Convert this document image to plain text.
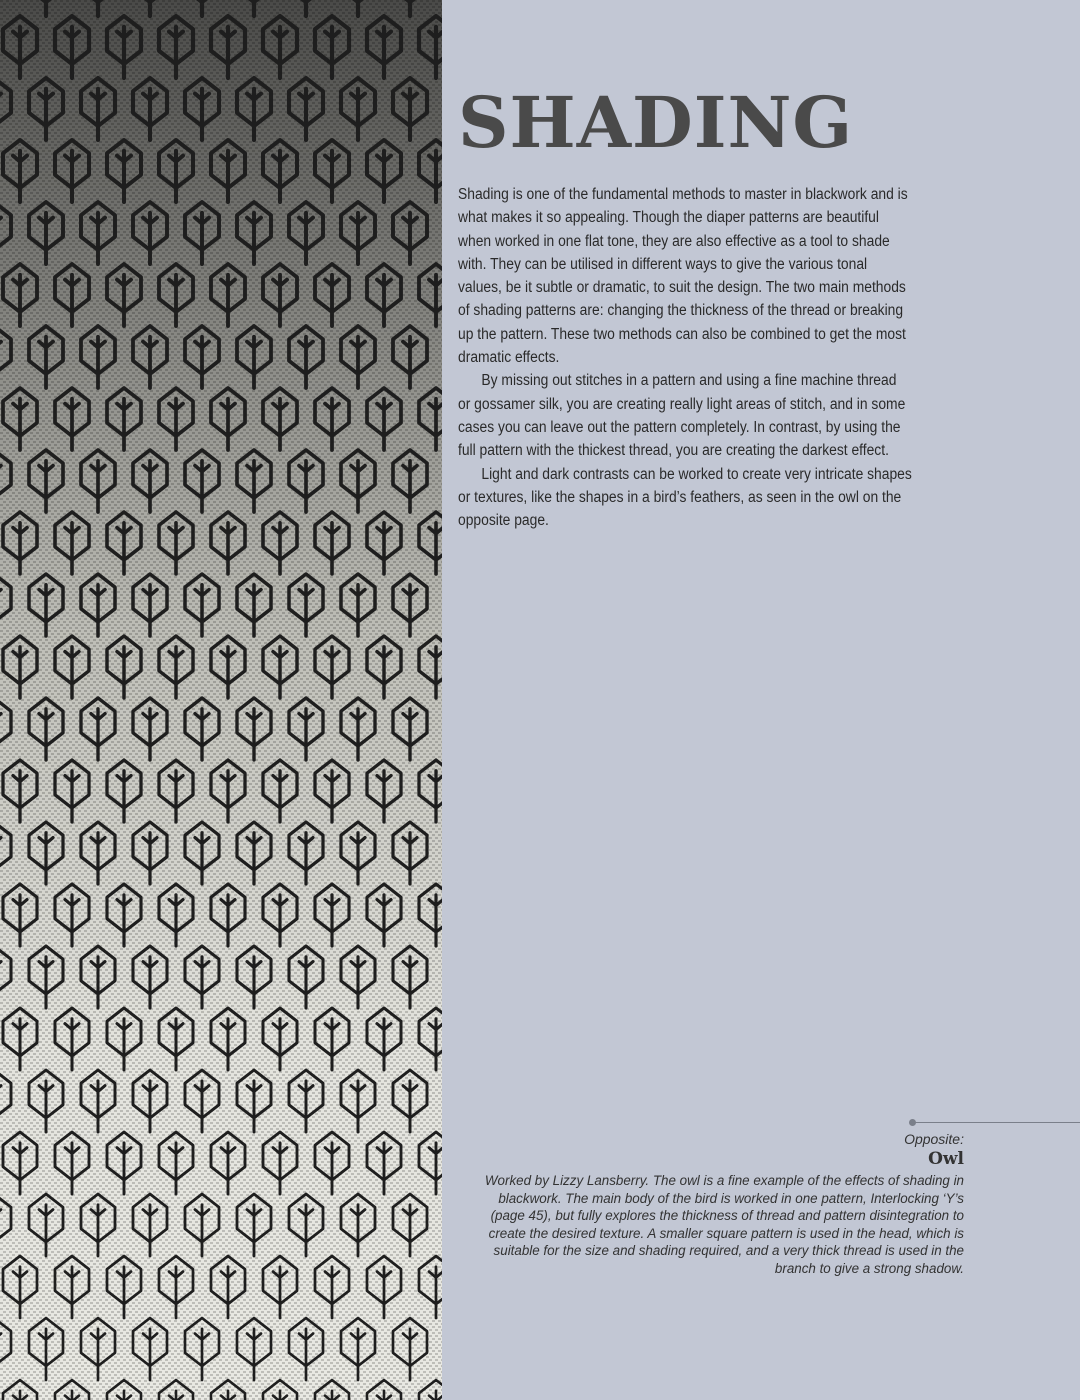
SHADING

Shading is one of the fundamental methods to master in blackwork and is what makes it so appealing. Though the diaper patterns are beautiful when worked in one flat tone, they are also effective as a tool to shade with. They can be utilised in different ways to give the various tonal values, be it subtle or dramatic, to suit the design. The two main methods of shading patterns are: changing the thickness of the thread or breaking up the pattern. These two methods can also be combined to get the most dramatic effects.

By missing out stitches in a pattern and using a fine machine thread or gossamer silk, you are creating really light areas of stitch, and in some cases you can leave out the pattern completely. In contrast, by using the full pattern with the thickest thread, you are creating the darkest effect.

Light and dark contrasts can be worked to create very intricate shapes or textures, like the shapes in a bird’s feathers, as seen in the owl on the opposite page.

Opposite:
Owl
Worked by Lizzy Lansberry. The owl is a fine example of the effects of shading in blackwork. The main body of the bird is worked in one pattern, Interlocking ‘Y’s (page 45), but fully explores the thickness of thread and pattern disintegration to create the desired texture. A smaller square pattern is used in the head, which is suitable for the size and shading required, and a very thick thread is used in the branch to give a strong shadow.
